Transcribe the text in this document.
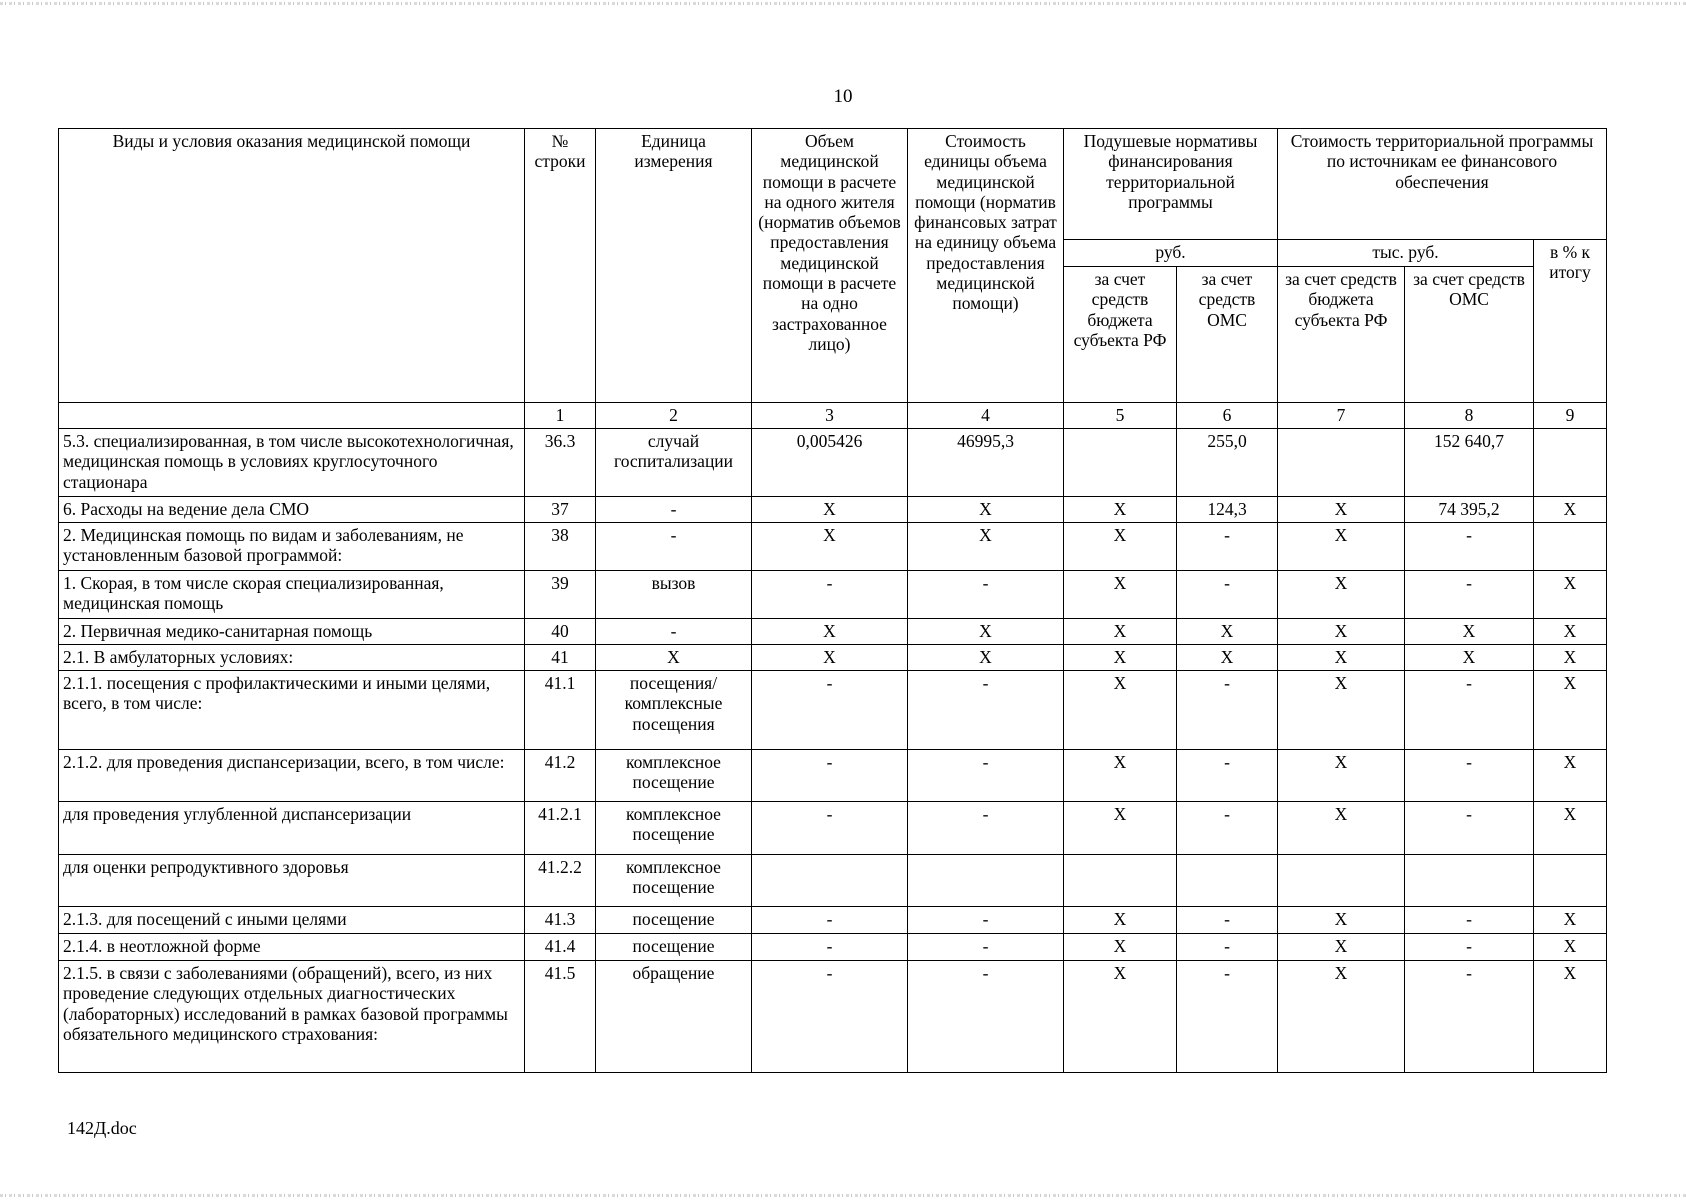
10
Виды и условия оказания медицинской помощи	№ строки	Единица измерения	Объем медицинской помощи в расчете на одного жителя (норматив объемов предоставления медицинской помощи в расчете на одно застрахованное лицо)	Стоимость единицы объема медицинской помощи (норматив финансовых затрат на единицу объема предоставления медицинской помощи)	Подушевые нормативы финансирования территориальной программы		Стоимость территориальной программы по источникам ее финансового обеспечения		
					руб.		тыс. руб.		в % к итогу
					за счет средств бюджета субъекта РФ	за счет средств ОМС	за счет средств бюджета субъекта РФ	за счет средств ОМС	
	1	2	3	4	5	6	7	8	9
5.3. специализированная, в том числе высокотехнологичная, медицинская помощь в условиях круглосуточного стационара	36.3	случай госпитализации	0,005426	46995,3		255,0		152 640,7	
6. Расходы на ведение дела СМО	37	-	X	X	X	124,3	X	74 395,2	X
2. Медицинская помощь по видам и заболеваниям, не установленным базовой программой:	38	-	X	X	X	-	X	-	
1. Скорая, в том числе скорая специализированная, медицинская помощь	39	вызов	-	-	X	-	X	-	X
2. Первичная медико-санитарная помощь	40	-	X	X	X	X	X	X	X
2.1. В амбулаторных условиях:	41	X	X	X	X	X	X	X	X
2.1.1. посещения с профилактическими и иными целями, всего, в том числе:	41.1	посещения/ комплексные посещения	-	-	X	-	X	-	X
2.1.2. для проведения диспансеризации, всего, в том числе:	41.2	комплексное посещение	-	-	X	-	X	-	X
для проведения углубленной диспансеризации	41.2.1	комплексное посещение	-	-	X	-	X	-	X
для оценки репродуктивного здоровья	41.2.2	комплексное посещение							
2.1.3. для посещений с иными целями	41.3	посещение	-	-	X	-	X	-	X
2.1.4. в неотложной форме	41.4	посещение	-	-	X	-	X	-	X
2.1.5. в связи с заболеваниями (обращений), всего, из них проведение следующих отдельных диагностических (лабораторных) исследований в рамках базовой программы обязательного медицинского страхования:	41.5	обращение	-	-	X	-	X	-	X
142Д.doc
